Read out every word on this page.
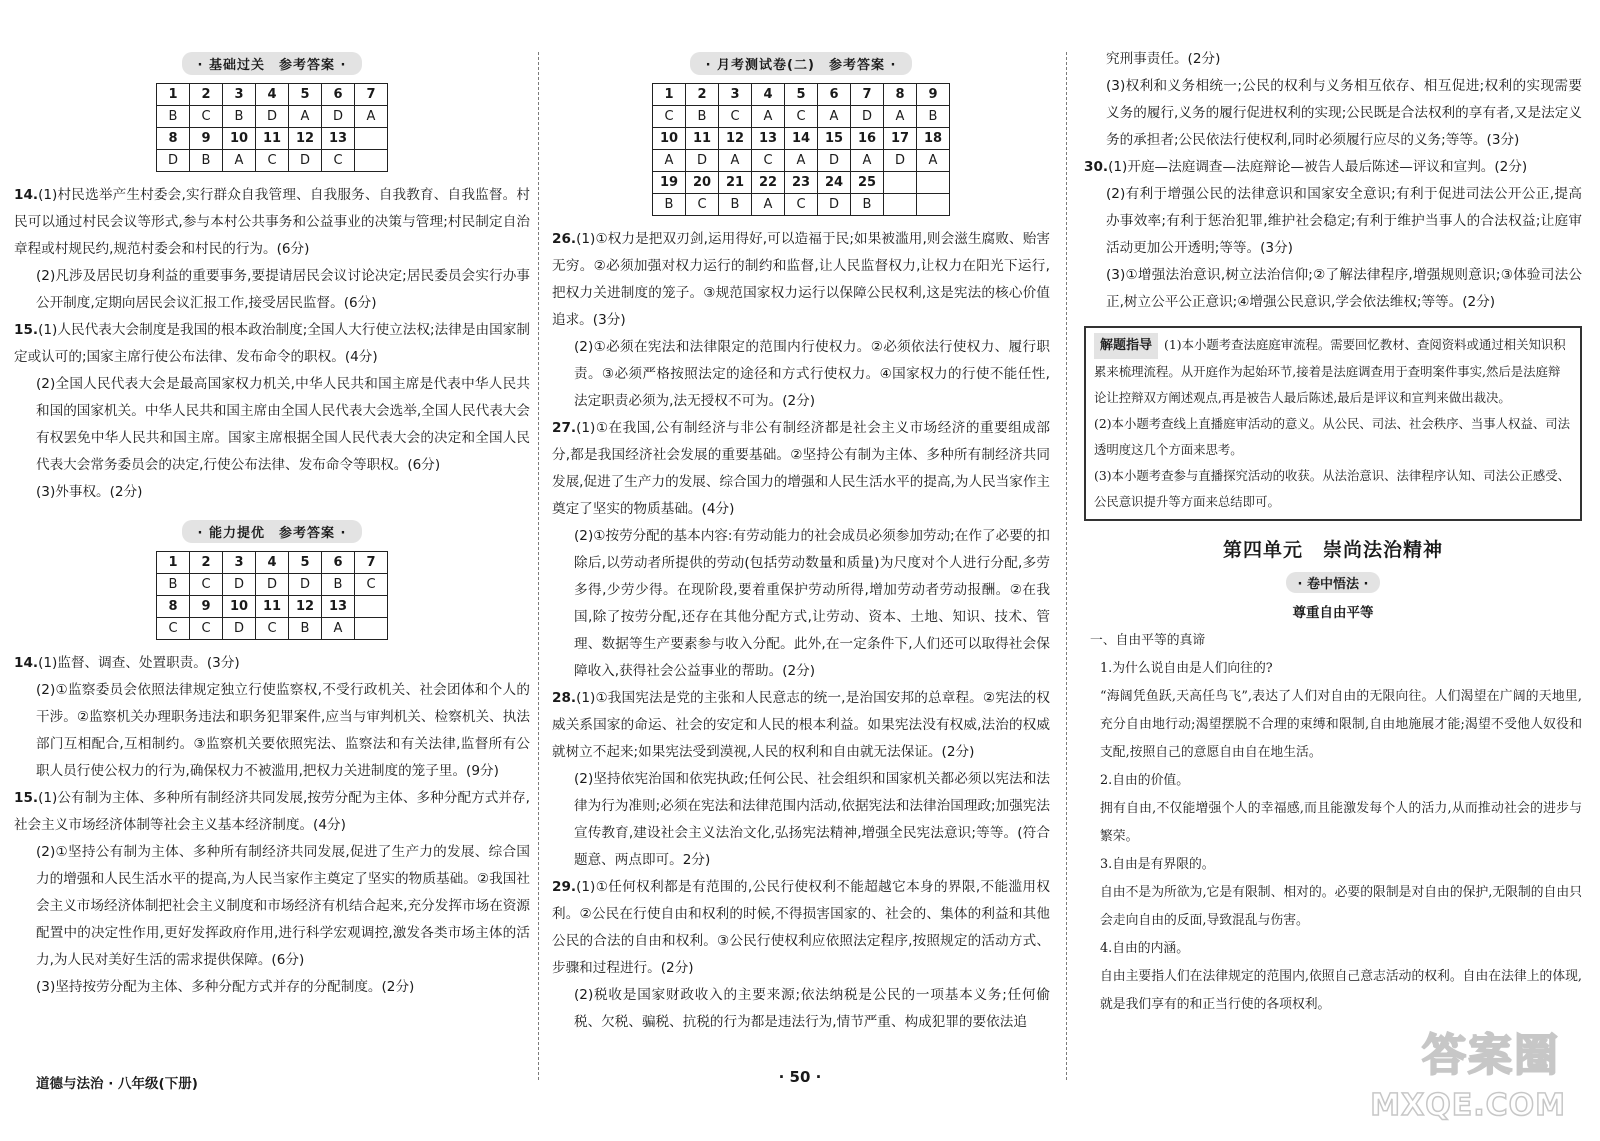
· 基础过关　参考答案 ·
1	2	3	4	5	6	7
B	C	B	D	A	D	A
8	9	10	11	12	13	
D	B	A	C	D	C	

14.(1)村民选举产生村委会,实行群众自我管理、自我服务、自我教育、自我监督。村民可以通过村民会议等形式,参与本村公共事务和公益事业的决策与管理;村民制定自治章程或村规民约,规范村委会和村民的行为。(6分)

(2)凡涉及居民切身利益的重要事务,要提请居民会议讨论决定;居民委员会实行办事公开制度,定期向居民会议汇报工作,接受居民监督。(6分)

15.(1)人民代表大会制度是我国的根本政治制度;全国人大行使立法权;法律是由国家制定或认可的;国家主席行使公布法律、发布命令的职权。(4分)

(2)全国人民代表大会是最高国家权力机关,中华人民共和国主席是代表中华人民共和国的国家机关。中华人民共和国主席由全国人民代表大会选举,全国人民代表大会有权罢免中华人民共和国主席。国家主席根据全国人民代表大会的决定和全国人民代表大会常务委员会的决定,行使公布法律、发布命令等职权。(6分)

(3)外事权。(2分)

· 能力提优　参考答案 ·
1	2	3	4	5	6	7
B	C	D	D	D	B	C
8	9	10	11	12	13	
C	C	D	C	B	A	

14.(1)监督、调查、处置职责。(3分)

(2)①监察委员会依照法律规定独立行使监察权,不受行政机关、社会团体和个人的干涉。②监察机关办理职务违法和职务犯罪案件,应当与审判机关、检察机关、执法部门互相配合,互相制约。③监察机关要依照宪法、监察法和有关法律,监督所有公职人员行使公权力的行为,确保权力不被滥用,把权力关进制度的笼子里。(9分)

15.(1)公有制为主体、多种所有制经济共同发展,按劳分配为主体、多种分配方式并存,社会主义市场经济体制等社会主义基本经济制度。(4分)

(2)①坚持公有制为主体、多种所有制经济共同发展,促进了生产力的发展、综合国力的增强和人民生活水平的提高,为人民当家作主奠定了坚实的物质基础。②我国社会主义市场经济体制把社会主义制度和市场经济有机结合起来,充分发挥市场在资源配置中的决定性作用,更好发挥政府作用,进行科学宏观调控,激发各类市场主体的活力,为人民对美好生活的需求提供保障。(6分)

(3)坚持按劳分配为主体、多种分配方式并存的分配制度。(2分)

· 月考测试卷(二)　参考答案 ·
1	2	3	4	5	6	7	8	9
C	B	C	A	C	A	D	A	B
10	11	12	13	14	15	16	17	18
A	D	A	C	A	D	A	D	A
19	20	21	22	23	24	25		
B	C	B	A	C	D	B		

26.(1)①权力是把双刃剑,运用得好,可以造福于民;如果被滥用,则会滋生腐败、贻害无穷。②必须加强对权力运行的制约和监督,让人民监督权力,让权力在阳光下运行,把权力关进制度的笼子。③规范国家权力运行以保障公民权利,这是宪法的核心价值追求。(3分)

(2)①必须在宪法和法律限定的范围内行使权力。②必须依法行使权力、履行职责。③必须严格按照法定的途径和方式行使权力。④国家权力的行使不能任性,法定职责必须为,法无授权不可为。(2分)

27.(1)①在我国,公有制经济与非公有制经济都是社会主义市场经济的重要组成部分,都是我国经济社会发展的重要基础。②坚持公有制为主体、多种所有制经济共同发展,促进了生产力的发展、综合国力的增强和人民生活水平的提高,为人民当家作主奠定了坚实的物质基础。(4分)

(2)①按劳分配的基本内容:有劳动能力的社会成员必须参加劳动;在作了必要的扣除后,以劳动者所提供的劳动(包括劳动数量和质量)为尺度对个人进行分配,多劳多得,少劳少得。在现阶段,要着重保护劳动所得,增加劳动者劳动报酬。②在我国,除了按劳分配,还存在其他分配方式,让劳动、资本、土地、知识、技术、管理、数据等生产要素参与收入分配。此外,在一定条件下,人们还可以取得社会保障收入,获得社会公益事业的帮助。(2分)

28.(1)①我国宪法是党的主张和人民意志的统一,是治国安邦的总章程。②宪法的权威关系国家的命运、社会的安定和人民的根本利益。如果宪法没有权威,法治的权威就树立不起来;如果宪法受到漠视,人民的权利和自由就无法保证。(2分)

(2)坚持依宪治国和依宪执政;任何公民、社会组织和国家机关都必须以宪法和法律为行为准则;必须在宪法和法律范围内活动,依据宪法和法律治国理政;加强宪法宣传教育,建设社会主义法治文化,弘扬宪法精神,增强全民宪法意识;等等。(符合题意、两点即可。2分)

29.(1)①任何权利都是有范围的,公民行使权利不能超越它本身的界限,不能滥用权利。②公民在行使自由和权利的时候,不得损害国家的、社会的、集体的利益和其他公民的合法的自由和权利。③公民行使权利应依照法定程序,按照规定的活动方式、步骤和过程进行。(2分)

(2)税收是国家财政收入的主要来源;依法纳税是公民的一项基本义务;任何偷税、欠税、骗税、抗税的行为都是违法行为,情节严重、构成犯罪的要依法追

究刑事责任。(2分)

(3)权利和义务相统一;公民的权利与义务相互依存、相互促进;权利的实现需要义务的履行,义务的履行促进权利的实现;公民既是合法权利的享有者,又是法定义务的承担者;公民依法行使权利,同时必须履行应尽的义务;等等。(3分)

30.(1)开庭—法庭调查—法庭辩论—被告人最后陈述—评议和宣判。(2分)

(2)有利于增强公民的法律意识和国家安全意识;有利于促进司法公开公正,提高办事效率;有利于惩治犯罪,维护社会稳定;有利于维护当事人的合法权益;让庭审活动更加公开透明;等等。(3分)

(3)①增强法治意识,树立法治信仰;②了解法律程序,增强规则意识;③体验司法公正,树立公平公正意识;④增强公民意识,学会依法维权;等等。(2分)

解题指导 (1)本小题考查法庭庭审流程。需要回忆教材、查阅资料或通过相关知识积累来梳理流程。从开庭作为起始环节,接着是法庭调查用于查明案件事实,然后是法庭辩论让控辩双方阐述观点,再是被告人最后陈述,最后是评议和宣判来做出裁决。

(2)本小题考查线上直播庭审活动的意义。从公民、司法、社会秩序、当事人权益、司法透明度这几个方面来思考。

(3)本小题考查参与直播探究活动的收获。从法治意识、法律程序认知、司法公正感受、公民意识提升等方面来总结即可。

第四单元　崇尚法治精神
· 卷中悟法 ·
尊重自由平等

一、自由平等的真谛

1.为什么说自由是人们向往的?

“海阔凭鱼跃,天高任鸟飞”,表达了人们对自由的无限向往。人们渴望在广阔的天地里,充分自由地行动;渴望摆脱不合理的束缚和限制,自由地施展才能;渴望不受他人奴役和支配,按照自己的意愿自由自在地生活。

2.自由的价值。

拥有自由,不仅能增强个人的幸福感,而且能激发每个人的活力,从而推动社会的进步与繁荣。

3.自由是有界限的。

自由不是为所欲为,它是有限制、相对的。必要的限制是对自由的保护,无限制的自由只会走向自由的反面,导致混乱与伤害。

4.自由的内涵。

自由主要指人们在法律规定的范围内,依照自己意志活动的权利。自由在法律上的体现,就是我们享有的和正当行使的各项权利。

道德与法治 · 八年级(下册)	· 50 ·	答案圈
MXQE.COM
